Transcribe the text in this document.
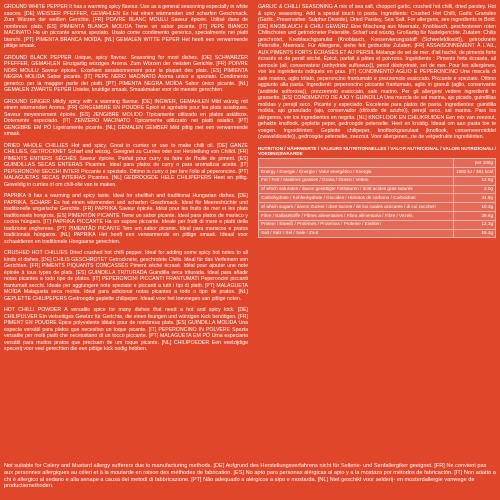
GROUND WHITE PEPPER It has a warming spicy flavour. Use as a general seasoning especially in white sauces. [DE] WEISSER PFEFFER, GEMAHLEN Es hat einen wärmenden und scharfen Geschmack. Zum Würzen der weißen Gerichte. [FR] POIVRE BLANC MOULU Saveur épicée. Utilisé dans de nombreux plats. [ES] PIMIENTA BLANCA MOLIDA Tiene un sabor picante. [IT] PEPE BIANCO MACINATO Ha un piccante aroma speziato. Usato come condimento generico, specialmente nei piatti bianchi. [PT] PIMENTA BRANCA MOÍDA. [NL] GEMALEN WITTE PEPER Het heeft een verwarmende pittige smaak.

GROUND BLACK PEPPER Unique, spicy flavour. Seasoning for most dishes. [DE] SCHWARZER PFEFFER, GEMAHLEN Einzigartig würziges Aroma. Zum Würzen der meisten Gerichte. [FR] POIVRE NOIR MOULU Saveur épicée. Excellent assaisonnement pour la plupart des plats. [ES] PIMIENTA NEGRA MOLIDA Sabor picante. [IT] PEPE NERO MACINATO Aroma unico e speziato. Condimento generico per la maggior parte dei piatti. [PT] PIMENTA NEGRA MOÍDA Sabor único picante. [NL] GEMALEN ZWARTE PEPER Unieke, kruidige smaak. Smaakmaker voor de meeste gerechten.

GROUND GINGER Mildly spicy with a warming flavour. [DE] INGWER, GEMAHLEN Mild würzig mit einem wärmenden Aroma. [FR] GINGEMBRE EN POUDRE Épicé et agréable pour les plats asiatiques. Saveur moyennement épicée. [ES] JENGIBRE MOLIDO Típicamente utilizado en platos asiáticos. Dotemente especiado. [IT] ZENZERO MACINATO Tipicamente utilizzato nei piatti asiatici. [PT] GENGIBRE EM PÓ Ligeiramente picante. [NL] GEMALEN GEMBER Mild pittig met een verwarmende smaak.

DRIED WHOLE CHILLIES Hot and spicy. Great in curries or use to make chilli oil. [DE] GANZE CHILLIES, GETROCKNET Scharf und würzig. Geeignet zu Curries oder zur Herstellung von Chiliöl. [FR] PIMENTS ENTIERS SÉCHÉS Saveur épicée. Parfait pour curry ou faire de l'huile de piment. [ES] GUINDILLAS SECAS ENTERAS Picantes. Ideal para platos de curry o para aromatizar aceite. [IT] PEPERONCINI SECCHI INTERI Piccante e speziato. Ottimo in curry o per fare l'olio al peperoncino. [PT] MALAGUETAS SECAS INTEIRAS Picantes. [NL] GEDROOGDE HELE CHILIPEPERS Heet en pittig. Geweldig in curries of om chili-olie van te maken.

PAPRIKA It has a warming and spicy taste. Ideal for shellfish and traditional Hungarian dishes. [DE] PAPRIKA, SCHARF Es hat einen wärmenden und scharfen Geschmack. Ideal für Meeresfrüchte und traditionelle ungarische Gerichte. [FR] PAPRIKA Saveur épicée. Idéal pour les fruits de mer et les plats traditionnels hongrois. [ES] PIMENTÓN PICANTE Tiene un sabor picante. Ideal para platos de marisco y cocina húngara. [IT] PAPRIKA PICCANTE Ha un sapore piccante. Ideale per frutti di mare e piatti della tradizione ungherese. [PT] PIMENTÃO PICANTE Tem um sabor picante. Ideal para mariscos e pratos tradicionais húngaros. [NL] PAPRIKA Het heeft een verwarmende en pittige smaak. Ideaal voor schaaldieren en traditionele Hongaarse gerechten.

CRUSHED HOT CHILLIES Dried crushed hot chilli pepper. Ideal for adding some spicy hot notes to all kinds of dishes. [DE] CHILIS GESCHROTET Getrocknete, geschrotete Chilis. Ideal für das Verfeinern von Gerichten. [FR] PIMENTS PIQUANTS CONCASSÉS Piment séché écrasé. Idéal pour ajouter une note épicée à tous types de plats. [ES] GUINDILLA TRITURADA Guindilla seca triturada. Ideal para añadir notas picantes a todo tipo de platos. [IT] PEPERONCINI PICCANTI FRANTUMATI Peperoncini piccanti frantumati secchi. Ideale per aggiungere note speziate e piccanti a tutti i tipi di piatti. [PT] MALAGUETA MOÍDA Malagueta seca moída. Ideal para adicionar notas picantes a todo o tipo de pratos. [NL] GEPLETTE CHILIPEPERS Gedroogde geplette chilipeper. Ideaal voor het toevoegen van pittige noten.

HOT CHILLI POWDER A versatile spice for many dishes that need a hot and spicy kick. [DE] CHILIPULVER Ein vielseitiges Gewürz für Gerichte, die einen feurigen und würzigen Kick benötigen. [FR] PIMENT EN POUDRE Épice polyvalente idéale pour de nombreux plats. [ES] GUINDILLA MOLIDA Una especia versátil para platos que necesitan un toque picante. [IT] PEPERONCINO IN POLVERE Spezia versatile per molti piatti che necessitano di un tocco piccante. [PT] MALAGUETA EM PÓ Uma especiaria versátil para muitos pratos que precisam de um toque picante. [NL] CHILIPOEDER Een veelzijdige specerij voor veel gerechten die een pittige kick nodig hebben.

GARLIC & CHILLI SEASONING A mix of sea salt, chopped garlic, crushed hot chilli, dried parsley. Hot & spicy seasoning. Add a special touch to pasta. Ingredients: Crushed Hot Chilli, Garlic Granules (Garlic, Preservative: Sulphur Dioxide), Dried Parsley, Sea Salt. For allergens, see ingredients in Bold. [DE] KNOBLAUCH & CHILI GEWÜRZ Eine Mischung aus Meersalz, Knoblauch, geschrotenen roten Chilischoten und getrockneter Petersilie. Scharf und würzig. Großartig für Nudelgerichte. Zutaten: Chilis geschrotet, Knoblauchgranulat (Knoblauch, Konservierungsstoff (Schwefeldioxid)), getrocknete Petersilie, Meersalz. Für Allergene, siehe fett gedruckte Zutaten. [FR] ASSAISONNEMENT À L'AIL, AUX PIMENTS FORTS ÉCRASÉS ET AU PERSIL Mélange de sel de mer, d'ail haché, de piments forts écrasés et de persil séché. Épicé, parfait à pâtes et poivrons. Ingrédients : Piments forts écrasés, ail semoule (ail, conservateur (anhydride sulfureux)), persil déshydraté, sel de mer. Pour les allergènes, voir les ingrédients indiqués en gras. [IT] CONDIMENTO AGLIO E PEPERONCINO Una miscela di sale marino, aglio tritato, peperoncino frantumato e prezzemolo essiccato. Piccante e speziato. Ottimo aggiunto alla pasta. Ingredienti: peperoncino piccante frantumato, aglio in granuli (aglio, conservante (anidride solforosa)), prezzemolo essiccato, sale marino. Per gli allergeni vedere ingredienti in grassetto. [ES] CONDIMENTO DE AJO Y GUINDILLA Una mezcla de sal marina, ajo picado, guindillas molidas y perejil seco. Picante y especiado. Excelente para platos de pasta. Ingredientes: guindilla molida, ajo granulado (ajo, conservador (dióxido de azufre)), perejil seco, sal marina. Para los alérgenos, ver los ingredientes en negrita. [NL] KNOFLOOK EN CHILIKRUIDEN Een mix van zeezout, gehakte knoflook, geplette peper, gedroogde peterselie. Heet en kruidig. Ideaal om aan pasta toe te voegen. Ingrediënten: Geplette chilipeper, knoflookgranulaat (knoflook, conserveermiddel (zwaveldioxide)), gedroogde peterselie, zeezout. Voor allergenen, zie de vetgedrukte ingrediënten.

NUTRITION / NÄHRWERTE / VALEURS NUTRITIONNELLES / VALOR NUTRICIONAL / VALORI NUTRIZIONALI / VOEDINGSWAARDE
	per 100g
Energy / Energie / Énergie / Valor energético / Energia	1582 kJ / 381 kcal
Fat / Fett / Matières grasses / Grasa / Grassi / Vetten	12.5g
of which saturates / davon gesättigte Fettsäuren / dont acides gras saturés	2.0g
Carbohydrate / Kohlenhydrate / Glucides / Hidratos de carbono / Carboidrati	34.9g
of which sugars / davon Zucker / dont sucres / de los cuales azúcares / di cui zuccheri	10.3g
Fibre / Ballaststoffe / Fibres alimentaires / Fibra alimentaria / Fibre / Vezels	29.6g
Protein / Eiweiß / Protéines / Proteínas / Proteine / Eiwitten	12.3g
Salt / Salz / Sel / Sale / Zout	15.2g
Not suitable for Celery and Mustard allergy sufferers due to manufacturing methods. [DE] Aufgrund des Herstellungsverfahrens nicht für Sellerie- und Senfallergiker geeignet. [FR] Ne convient pas aux personnes allergiques au céleri et à la moutarde en raison des méthodes de fabrication. [ES] No apto para personas alérgicas al apio y a la mostaza por métodos de fabricación. [IT] Non adatto a chi è allergico al sedano e alla senape a causa dei metodi di fabbricazione. [PT] Não adequado a alérgicos a aipo e mostarda. [NL] Niet geschikt voor selderij- en mosterdallergie vanwege de productiemethoden.
